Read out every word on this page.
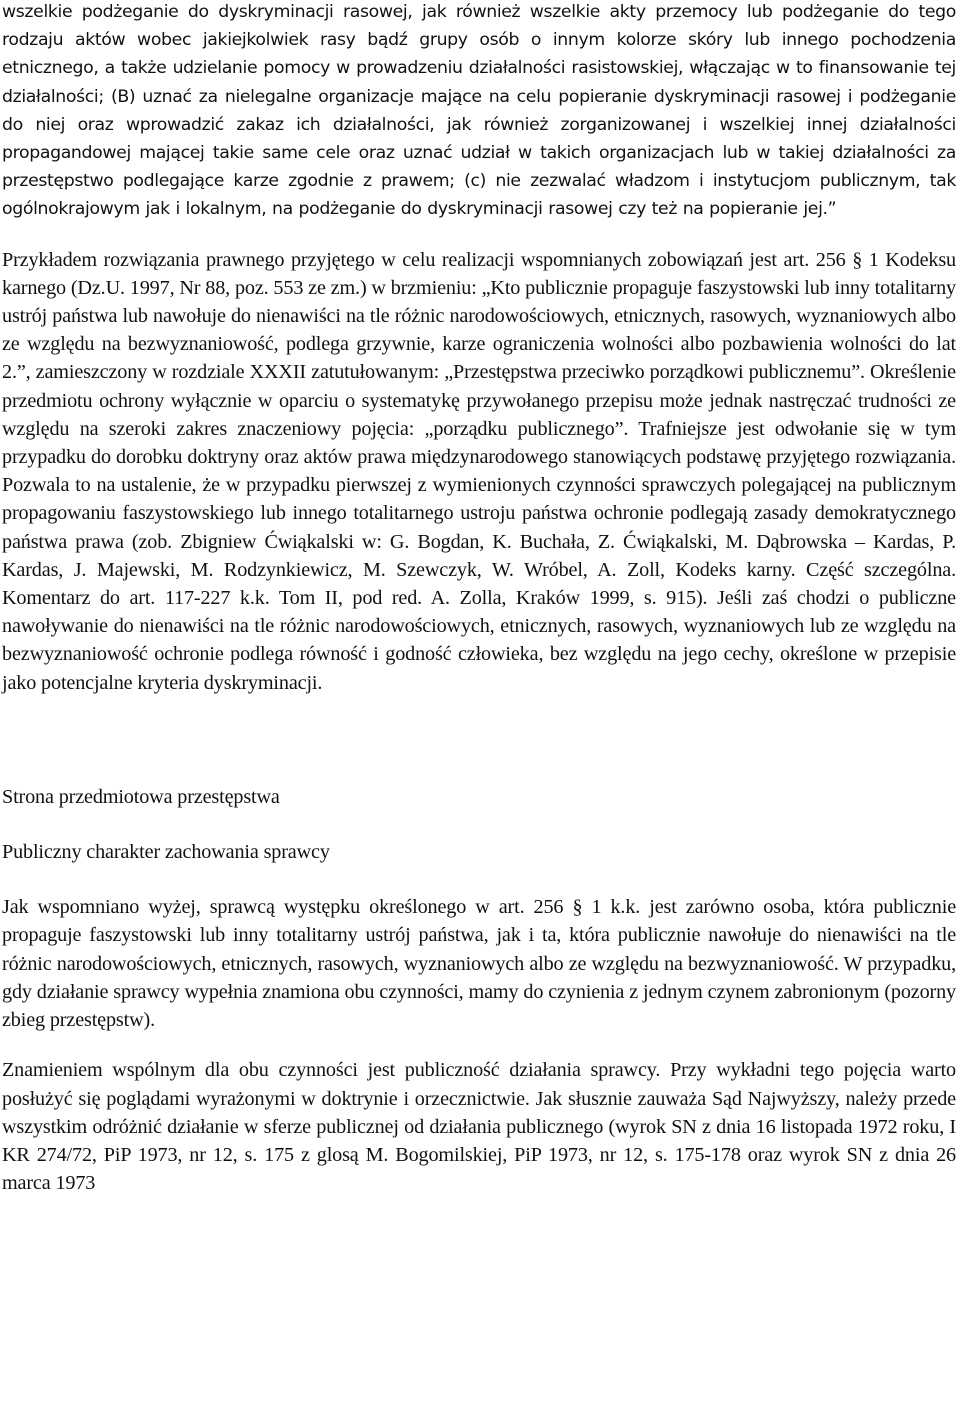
wszelkie podżeganie do dyskryminacji rasowej, jak również wszelkie akty przemocy lub podżeganie do tego rodzaju aktów wobec jakiejkolwiek rasy bądź grupy osób o innym kolorze skóry lub innego pochodzenia etnicznego, a także udzielanie pomocy w prowadzeniu działalności rasistowskiej, włączając w to finansowanie tej działalności; (B) uznać za nielegalne organizacje mające na celu popieranie dyskryminacji rasowej i podżeganie do niej oraz wprowadzić zakaz ich działalności, jak również zorganizowanej i wszelkiej innej działalności propagandowej mającej takie same cele oraz uznać udział w takich organizacjach lub w takiej działalności za przestępstwo podlegające karze zgodnie z prawem; (c) nie zezwalać władzom i instytucjom publicznym, tak ogólnokrajowym jak i lokalnym, na podżeganie do dyskryminacji rasowej czy też na popieranie jej.”

Przykładem rozwiązania prawnego przyjętego w celu realizacji wspomnianych zobowiązań jest art. 256 § 1 Kodeksu karnego (Dz.U. 1997, Nr 88, poz. 553 ze zm.) w brzmieniu: „Kto publicznie propaguje faszystowski lub inny totalitarny ustrój państwa lub nawołuje do nienawiści na tle różnic narodowościowych, etnicznych, rasowych, wyznaniowych albo ze względu na bezwyznaniowość, podlega grzywnie, karze ograniczenia wolności albo pozbawienia wolności do lat 2.”, zamieszczony w rozdziale XXXII zatutułowanym: „Przestępstwa przeciwko porządkowi publicznemu”. Określenie przedmiotu ochrony wyłącznie w oparciu o systematykę przywołanego przepisu może jednak nastręczać trudności ze względu na szeroki zakres znaczeniowy pojęcia: „porządku publicznego”. Trafniejsze jest odwołanie się w tym przypadku do dorobku doktryny oraz aktów prawa międzynarodowego stanowiących podstawę przyjętego rozwiązania. Pozwala to na ustalenie, że w przypadku pierwszej z wymienionych czynności sprawczych polegającej na publicznym propagowaniu faszystowskiego lub innego totalitarnego ustroju państwa ochronie podlegają zasady demokratycznego państwa prawa (zob. Zbigniew Ćwiąkalski w: G. Bogdan, K. Buchała, Z. Ćwiąkalski, M. Dąbrowska – Kardas, P. Kardas, J. Majewski, M. Rodzynkiewicz, M. Szewczyk, W. Wróbel, A. Zoll, Kodeks karny. Część szczególna. Komentarz do art. 117-227 k.k. Tom II, pod red. A. Zolla, Kraków 1999, s. 915). Jeśli zaś chodzi o publiczne nawoływanie do nienawiści na tle różnic narodowościowych, etnicznych, rasowych, wyznaniowych lub ze względu na bezwyznaniowość ochronie podlega równość i godność człowieka, bez względu na jego cechy, określone w przepisie jako potencjalne kryteria dyskryminacji.

Strona przedmiotowa przestępstwa

Publiczny charakter zachowania sprawcy

Jak wspomniano wyżej, sprawcą występku określonego w art. 256 § 1 k.k. jest zarówno osoba, która publicznie propaguje faszystowski lub inny totalitarny ustrój państwa, jak i ta, która publicznie nawołuje do nienawiści na tle różnic narodowościowych, etnicznych, rasowych, wyznaniowych albo ze względu na bezwyznaniowość. W przypadku, gdy działanie sprawcy wypełnia znamiona obu czynności, mamy do czynienia z jednym czynem zabronionym (pozorny zbieg przestępstw).

Znamieniem wspólnym dla obu czynności jest publiczność działania sprawcy. Przy wykładni tego pojęcia warto posłużyć się poglądami wyrażonymi w doktrynie i orzecznictwie. Jak słusznie zauważa Sąd Najwyższy, należy przede wszystkim odróżnić działanie w sferze publicznej od działania publicznego (wyrok SN z dnia 16 listopada 1972 roku, I KR 274/72, PiP 1973, nr 12, s. 175 z glosą M. Bogomilskiej, PiP 1973, nr 12, s. 175-178 oraz wyrok SN z dnia 26 marca 1973
